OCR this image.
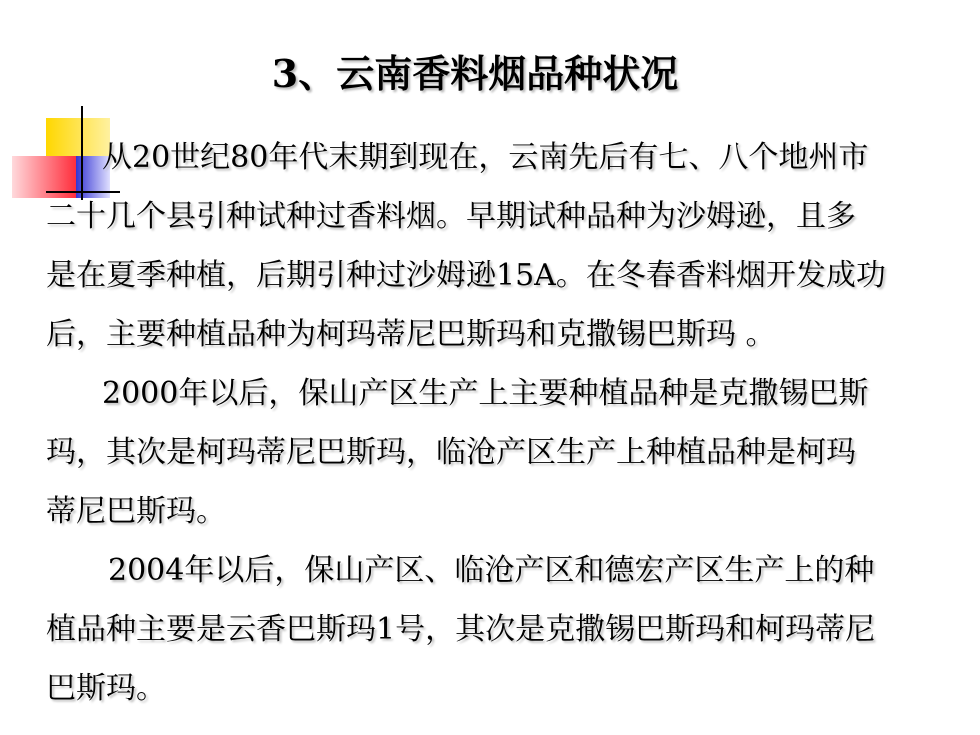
3、云南香料烟品种状况
从20世纪80年代末期到现在，云南先后有七、八个地州市
二十几个县引种试种过香料烟。早期试种品种为沙姆逊，且多
是在夏季种植，后期引种过沙姆逊15A。在冬春香料烟开发成功
后，主要种植品种为柯玛蒂尼巴斯玛和克撒锡巴斯玛 。
2000年以后，保山产区生产上主要种植品种是克撒锡巴斯
玛，其次是柯玛蒂尼巴斯玛，临沧产区生产上种植品种是柯玛
蒂尼巴斯玛。
2004年以后，保山产区、临沧产区和德宏产区生产上的种
植品种主要是云香巴斯玛1号，其次是克撒锡巴斯玛和柯玛蒂尼
巴斯玛。
